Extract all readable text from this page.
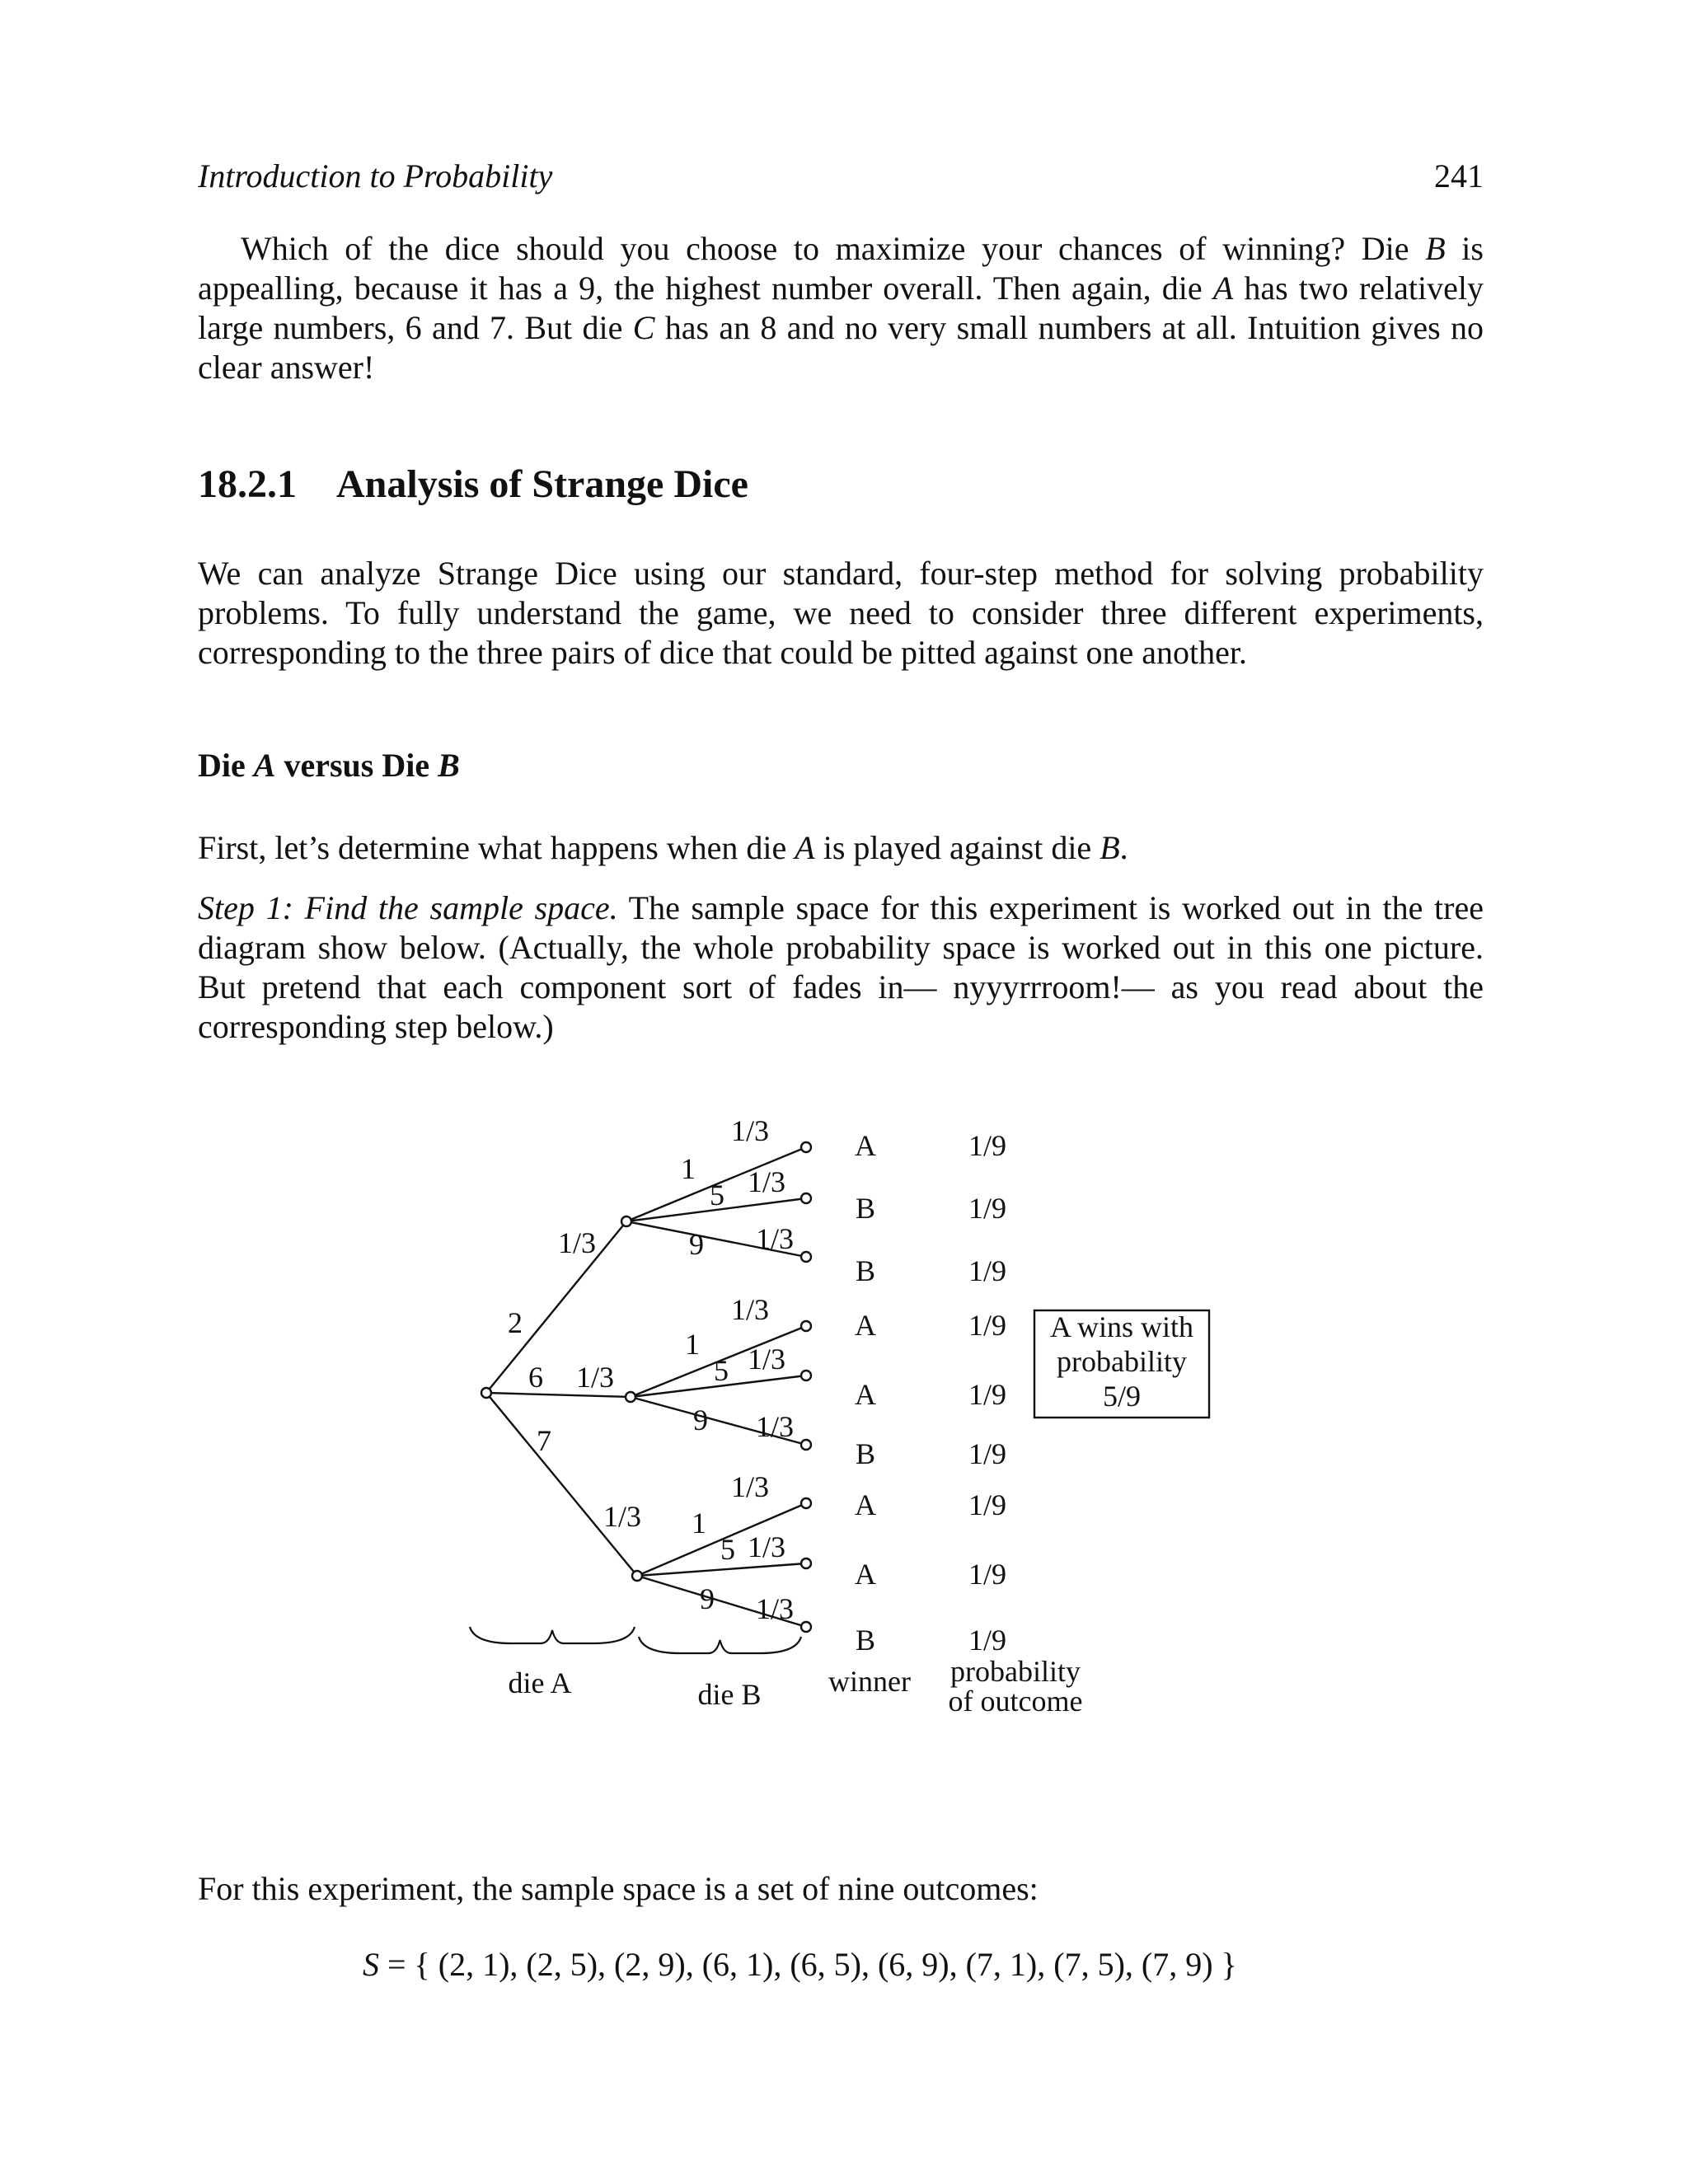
Introduction to Probability	241

Which of the dice should you choose to maximize your chances of winning? Die B is appealling, because it has a 9, the highest number overall. Then again, die A has two relatively large numbers, 6 and 7. But die C has an 8 and no very small numbers at all. Intuition gives no clear answer!

18.2.1 Analysis of Strange Dice

We can analyze Strange Dice using our standard, four-step method for solving probability problems. To fully understand the game, we need to consider three different experiments, corresponding to the three pairs of dice that could be pitted against one another.

Die A versus Die B

First, let’s determine what happens when die A is played against die B.

Step 1: Find the sample space. The sample space for this experiment is worked out in the tree diagram show below. (Actually, the whole probability space is worked out in this one picture. But pretend that each component sort of fades in— nyyyrrroom!— as you read about the corresponding step below.)

2
1/3
6 1/3
7
1/3
1
1/3	A	1/9
5 1/3
B	1/9
9 1/3
B	1/9
1
1/3	A	1/9
5 1/3
A	1/9
9 1/3
B	1/9
1
1/3
A	1/9
5 1/3
A	1/9
9 1/3
B	1/9
A wins with
probability
5/9
die A	die B winner probability
of outcome

For this experiment, the sample space is a set of nine outcomes:

S = { (2, 1), (2, 5), (2, 9), (6, 1), (6, 5), (6, 9), (7, 1), (7, 5), (7, 9) }
